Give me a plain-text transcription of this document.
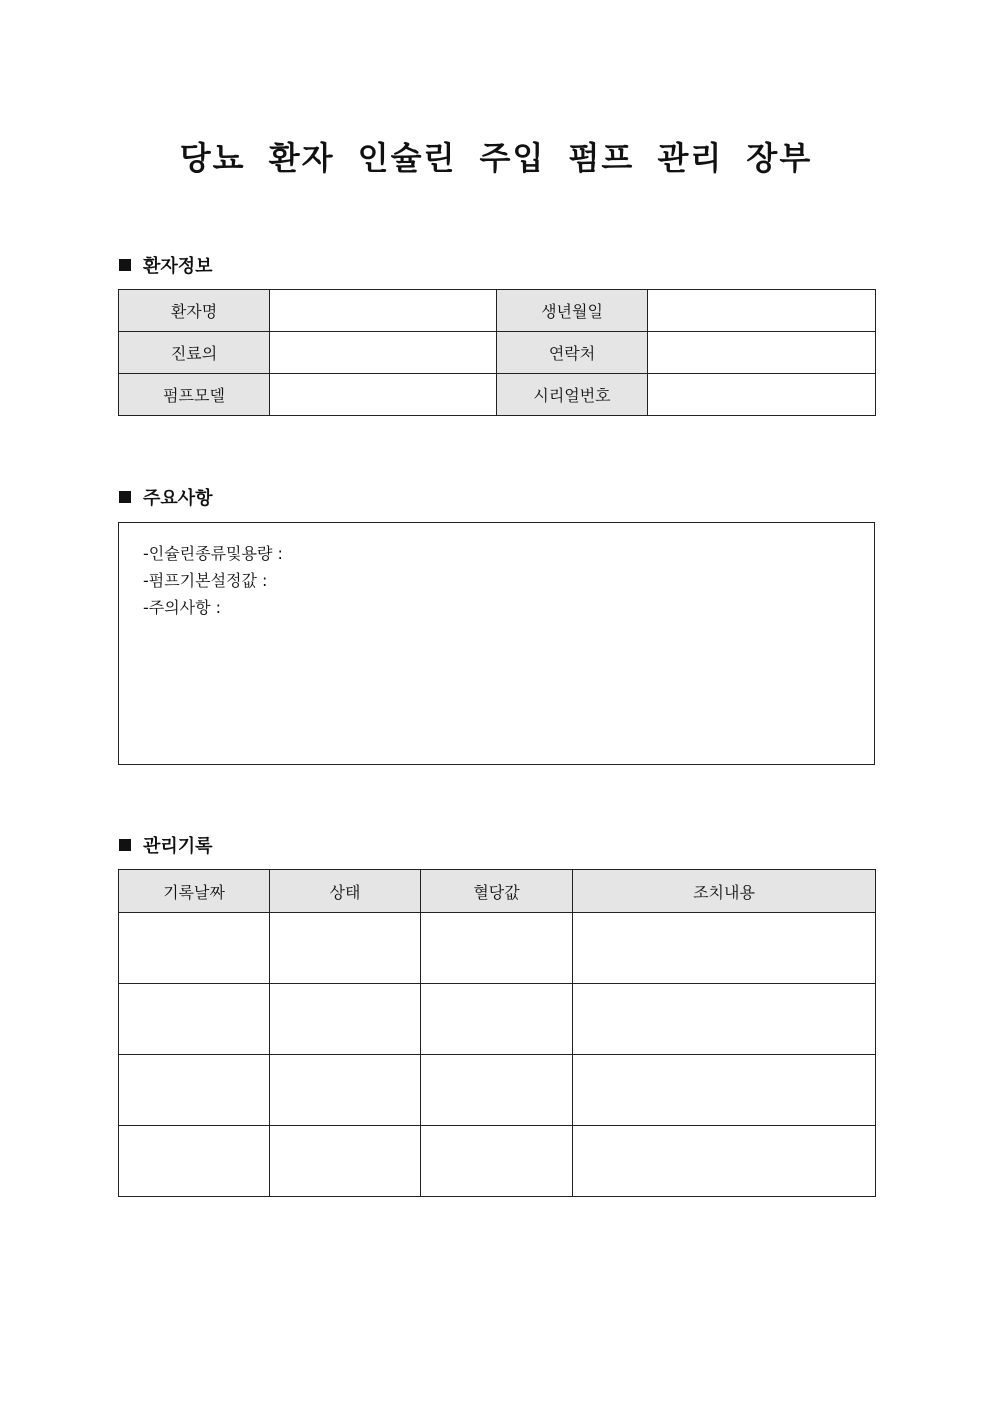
당뇨 환자 인슐린 주입 펌프 관리 장부
환자정보
환자명		생년월일	
진료의		연락처	
펌프모델		시리얼번호	
주요사항
-인슐린종류및용량 :
-펌프기본설정값 :
-주의사항 :
관리기록
기록날짜	상태	혈당값	조치내용
